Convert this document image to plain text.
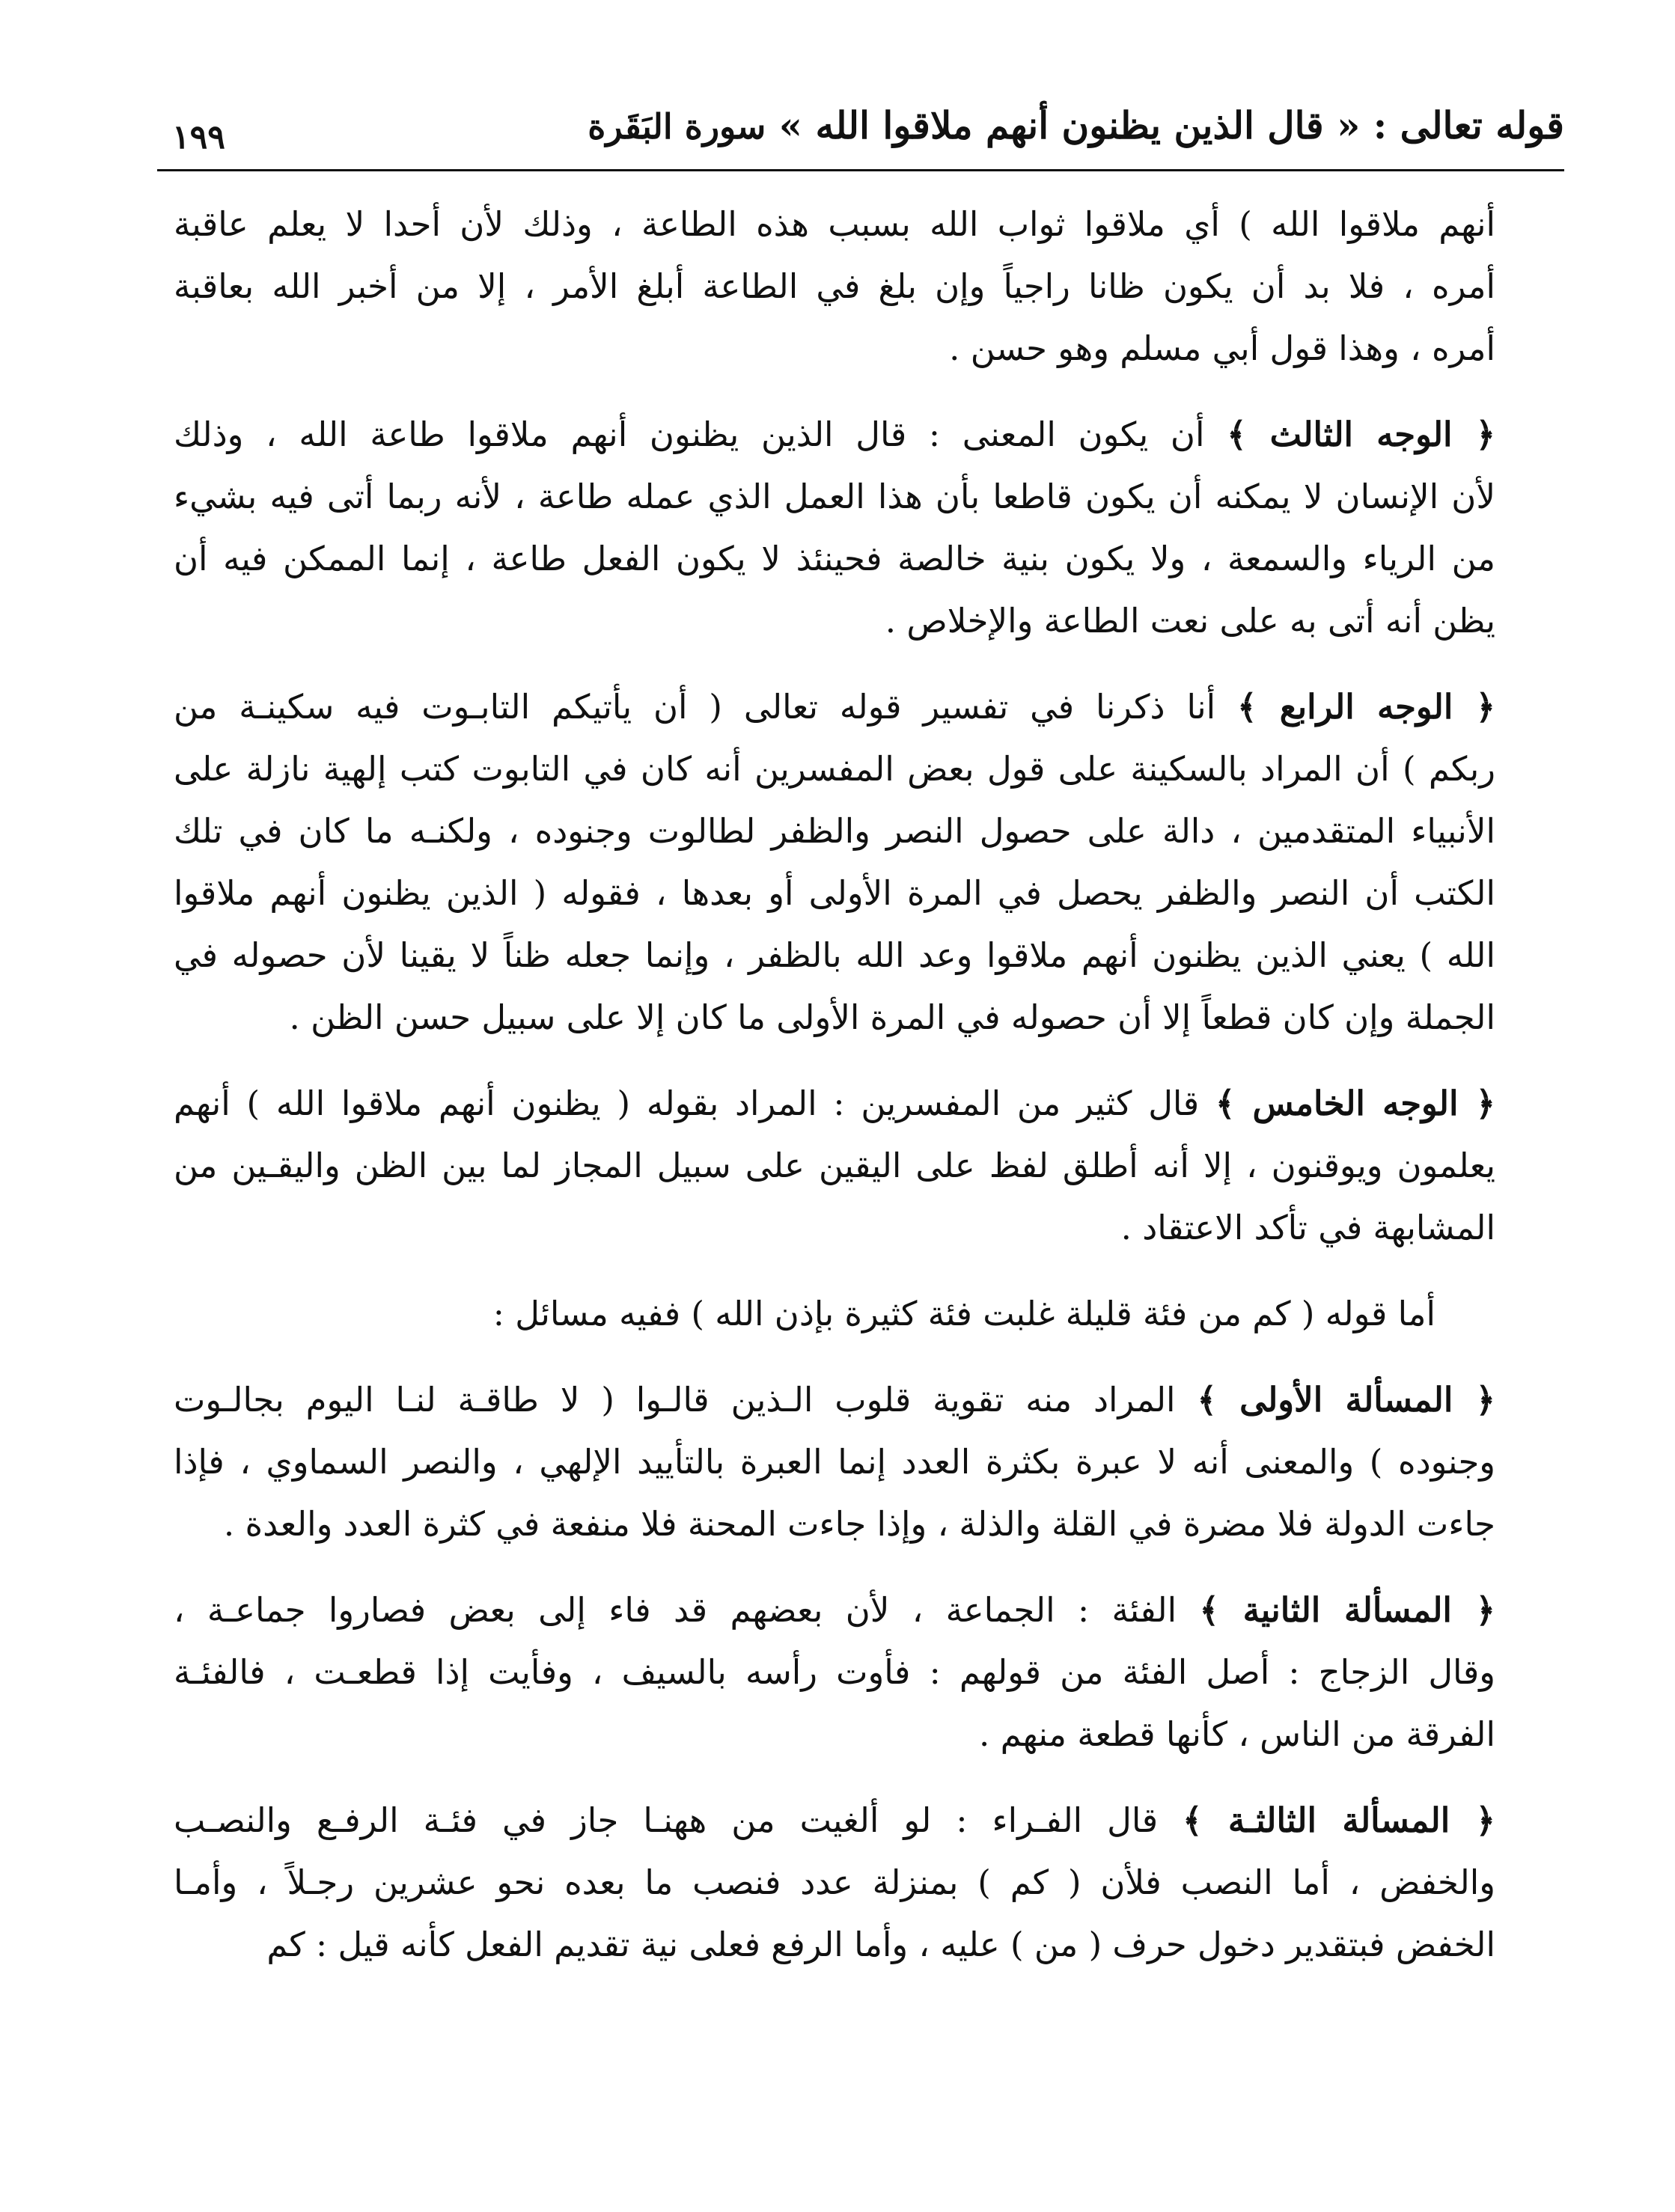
١٩٩	قوله تعالى : « قال الذين يظنون أنهم ملاقوا الله » سورة البَقَرة
أنهم ملاقوا الله ) أي ملاقوا ثواب الله بسبب هذه الطاعة ، وذلك لأن أحدا لا يعلم عاقبة
أمره ، فلا بد أن يكون ظانا راجياً وإن بلغ في الطاعة أبلغ الأمر ، إلا من أخبر الله بعاقبة
أمره ، وهذا قول أبي مسلم وهو حسن .
﴿ الوجه الثالث ﴾ أن يكون المعنى : قال الذين يظنون أنهم ملاقوا طاعة الله ، وذلك
لأن الإنسان لا يمكنه أن يكون قاطعا بأن هذا العمل الذي عمله طاعة ، لأنه ربما أتى فيه بشيء
من الرياء والسمعة ، ولا يكون بنية خالصة فحينئذ لا يكون الفعل طاعة ، إنما الممكن فيه أن
يظن أنه أتى به على نعت الطاعة والإخلاص .
﴿ الوجه الرابع ﴾ أنا ذكرنا في تفسير قوله تعالى ( أن يأتيكم التابـوت فيه سكينـة من
ربكم ) أن المراد بالسكينة على قول بعض المفسرين أنه كان في التابوت كتب إلهية نازلة على
الأنبياء المتقدمين ، دالة على حصول النصر والظفر لطالوت وجنوده ، ولكنـه ما كان في تلك
الكتب أن النصر والظفر يحصل في المرة الأولى أو بعدها ، فقوله ( الذين يظنون أنهم ملاقوا
الله ) يعني الذين يظنون أنهم ملاقوا وعد الله بالظفر ، وإنما جعله ظناً لا يقينا لأن حصوله في
الجملة وإن كان قطعاً إلا أن حصوله في المرة الأولى ما كان إلا على سبيل حسن الظن .
﴿ الوجه الخامس ﴾ قال كثير من المفسرين : المراد بقوله ( يظنون أنهم ملاقوا الله ) أنهم
يعلمون ويوقنون ، إلا أنه أطلق لفظ على اليقين على سبيل المجاز لما بين الظن واليقـين من
المشابهة في تأكد الاعتقاد .
أما قوله ( كم من فئة قليلة غلبت فئة كثيرة بإذن الله ) ففيه مسائل :
﴿ المسألة الأولى ﴾ المراد منه تقوية قلوب الـذين قالـوا ( لا طاقـة لنـا اليوم بجالـوت
وجنوده ) والمعنى أنه لا عبرة بكثرة العدد إنما العبرة بالتأييد الإلهي ، والنصر السماوي ، فإذا
جاءت الدولة فلا مضرة في القلة والذلة ، وإذا جاءت المحنة فلا منفعة في كثرة العدد والعدة .
﴿ المسألة الثانية ﴾ الفئة : الجماعة ، لأن بعضهم قد فاء إلى بعض فصاروا جماعـة ،
وقال الزجاج : أصل الفئة من قولهم : فأوت رأسه بالسيف ، وفأيت إذا قطعـت ، فالفئـة
الفرقة من الناس ، كأنها قطعة منهم .
﴿ المسألة الثالثـة ﴾ قال الفـراء : لو ألغيت من ههنـا جاز في فئـة الرفـع والنصـب
والخفض ، أما النصب فلأن ( كم ) بمنزلة عدد فنصب ما بعده نحو عشرين رجـلاً ، وأمـا
الخفض فبتقدير دخول حرف ( من ) عليه ، وأما الرفع فعلى نية تقديم الفعل كأنه قيل : كم
